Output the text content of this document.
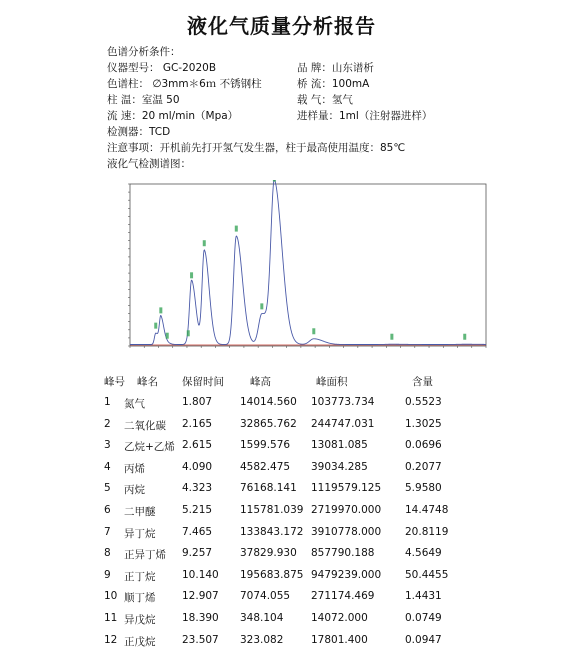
液化气质量分析报告
色谱分析条件：
仪器型号： GC-2020B	品 牌：山东谱析
色谱柱： ∅3mm＊6ｍ 不锈钢柱	桥 流：100mA
柱 温：室温 50	载 气：氢气
流 速：20 ml/min（Mpa）	进样量：1ml（注射器进样）
检测器：TCD
注意事项：开机前先打开氢气发生器，柱于最高使用温度：85℃
液化气检测谱图：
峰号 峰名 保留时间 峰高	峰面积	含量
1 氮气	1.807	14014.560 103773.734	0.5523
2 二氧化碳 2.165	32865.762 244747.031	1.3025
3 乙烷+乙烯 2.615	1599.576 13081.085	0.0696
4 丙烯	4.090	4582.475 39034.285	0.2077
5 丙烷	4.323	76168.141 1119579.125 5.9580
6 二甲醚	5.215	115781.039 2719970.000 14.4748
7 异丁烷	7.465	133843.172 3910778.000 20.8119
8 正异丁烯 9.257	37829.930 857790.188	4.5649
9 正丁烷	10.140 195683.875 9479239.000 50.4455
10 顺丁烯	12.907 7074.055 271174.469	1.4431
11 异戊烷	18.390 348.104	14072.000	0.0749
12 正戊烷	23.507 323.082	17801.400	0.0947
